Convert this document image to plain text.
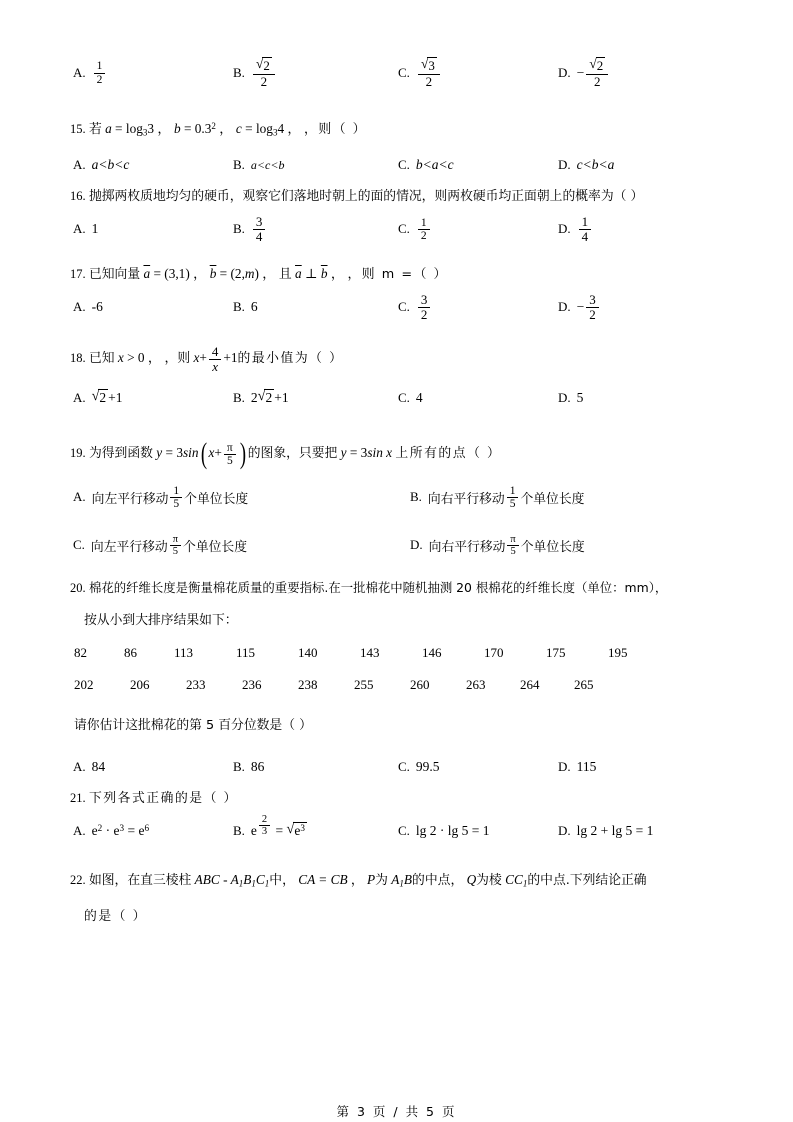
A. $\frac{1}{2}$	B. $\frac{√ 2}{2}$	C. $\frac{√ 3}{2}$	D. − $\frac{√ 2}{2}$
15. 若 $a = \log_33$ ， $b = 0.3^2$ ， $c = \log_34$ ， ，则（ ）
A. a<b<c	B. a<c<b	C. b<a<c	D. c<b<a
16. 抛掷两枚质地均匀的硬币，观察它们落地时朝上的面的情况，则两枚硬币均正面朝上的概率为（ ）
A. 1	B. $\frac{3}{4}$	C. $\frac{1}{2}$	D. $\frac{1}{4}$
17. 已知向量 $\overline{a} = (3,1)$ ， $\overline{b} = (2,m)$ ， 且 $\overline{a}$ ⊥ $\overline{b}$ ， ，则 m =（ ）
A. -6	B. 6	C. $\frac{3}{2}$	D. − $\frac{3}{2}$
18. 已知 x > 0 ， ，则 $x+ \frac{4}{x} +1$的最小值为（ ）
A. √ 2 +1	B. 2 √ 2 +1	C. 4	D. 5
19. 为得到函数 y = 3sin( $x+ \frac{\pi}{5}$ ) 的图象，只要把 y = 3sin x 上所有的点（ ）
A. 向左平行移动 $\frac{1}{5}$ 个单位长度	B. 向右平行移动 $\frac{1}{5}$ 个单位长度
C. 向左平行移动 $\frac{\pi}{5}$ 个单位长度	D. 向右平行移动 $\frac{\pi}{5}$ 个单位长度
20. 棉花的纤维长度是衡量棉花质量的重要指标.在一批棉花中随机抽测 20 根棉花的纤维长度（单位：mm），
按从小到大排序结果如下：
82	86	113	115	140	143	146	170	175	195
202	206	233	236	238	255	260	263	264	265
请你估计这批棉花的第 5 百分位数是（ ）
A. 84	B. 86	C. 99.5	D. 115
21. 下列各式正确的是（ ）
A. $e^2 \cdot e^3 = e^6$	B. e $\frac{2}{3}$ = √ $e^3$	C. lg 2 · lg 5 = 1	D. lg 2 + lg 5 = 1
22. 如图，在直三棱柱 ABC - $A_1B_1C_1$中， CA = CB ， P为 $A_1B$的中点， Q为棱 $CC_1$的中点.下列结论正确
的是（ ）
第 3 页 / 共 5 页
